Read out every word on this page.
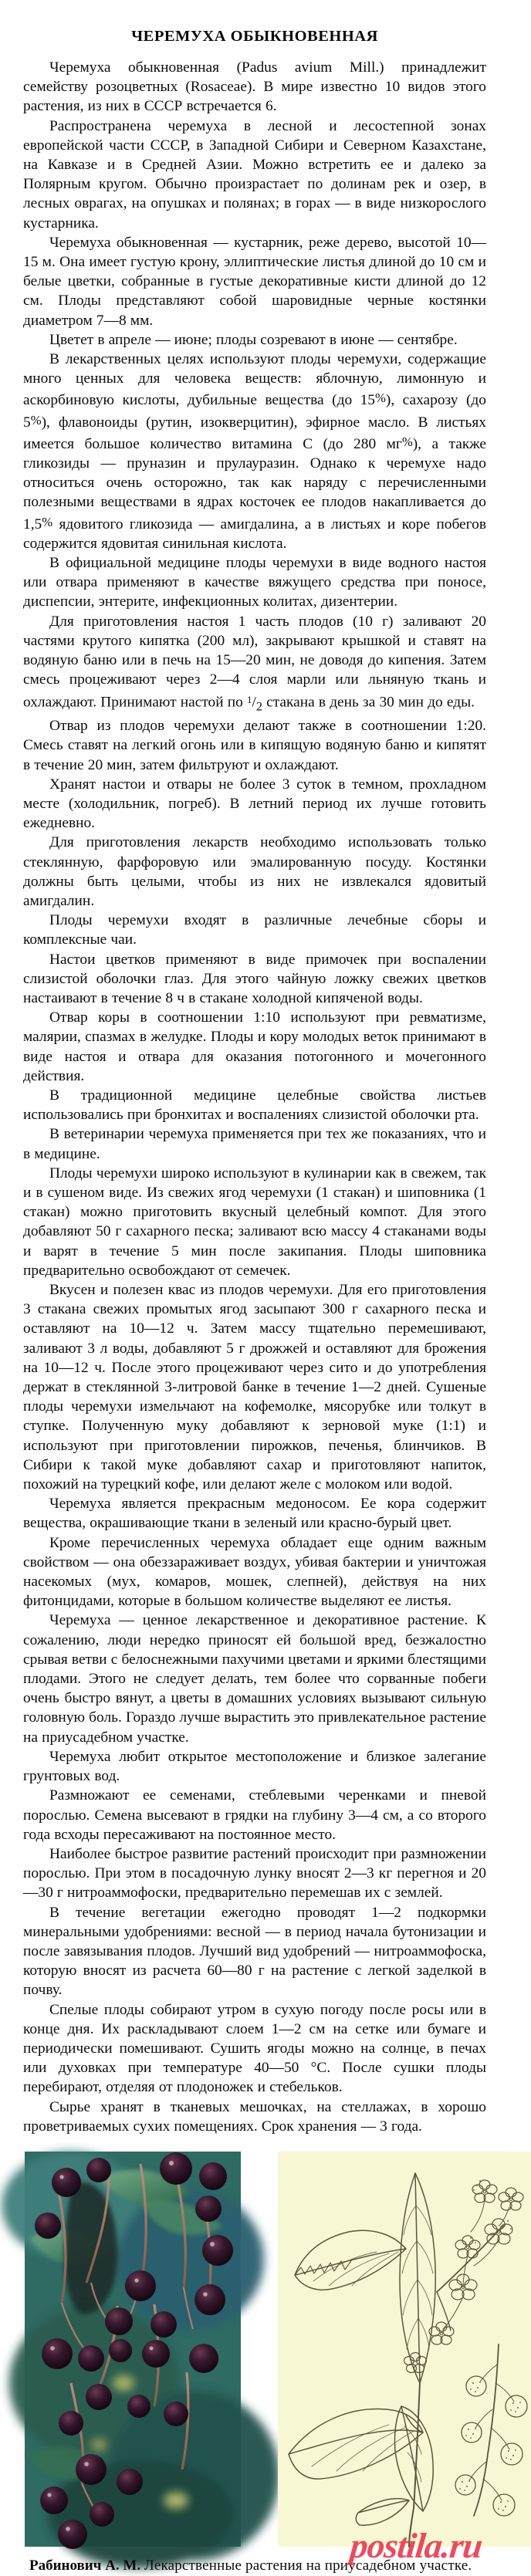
ЧЕРЕМУХА ОБЫКНОВЕННАЯ

Черемуха обыкновенная (Padus avium Mill.) принадлежит семейству розоцветных (Rosaceae). В мире известно 10 видов этого растения, из них в СССР встречается 6.

Распространена черемуха в лесной и лесостепной зонах европейской части СССР, в Западной Сибири и Северном Казахстане, на Кавказе и в Средней Азии. Можно встретить ее и далеко за Полярным кругом. Обычно произрастает по долинам рек и озер, в лесных оврагах, на опушках и полянах; в горах — в виде низкорослого кустарника.

Черемуха обыкновенная — кустарник, реже дерево, высотой 10—15 м. Она имеет густую крону, эллиптические листья длиной до 10 см и белые цветки, собранные в густые декоративные кисти длиной до 12 см. Плоды представляют собой шаровидные черные костянки диаметром 7—8 мм.

Цветет в апреле — июне; плоды созревают в июне — сентябре.

В лекарственных целях используют плоды черемухи, содержащие много ценных для человека веществ: яблочную, лимонную и аскорбиновую кислоты, дубильные вещества (до 15%), сахарозу (до 5%), флавоноиды (рутин, изокверцитин), эфирное масло. В листьях имеется большое количество витамина С (до 280 мг%), а также гликозиды — пруназин и прулауразин. Однако к черемухе надо относиться очень осторожно, так как наряду с перечисленными полезными веществами в ядрах косточек ее плодов накапливается до 1,5% ядовитого гликозида — амигдалина, а в листьях и коре побегов содержится ядовитая синильная кислота.

В официальной медицине плоды черемухи в виде водного настоя или отвара применяют в качестве вяжущего средства при поносе, диспепсии, энтерите, инфекционных колитах, дизентерии.

Для приготовления настоя 1 часть плодов (10 г) заливают 20 частями крутого кипятка (200 мл), закрывают крышкой и ставят на водяную баню или в печь на 15—20 мин, не доводя до кипения. Затем смесь процеживают через 2—4 слоя марли или льняную ткань и охлаждают. Принимают настой по $^1/_2$ стакана в день за 30 мин до еды.

Отвар из плодов черемухи делают также в соотношении 1:20. Смесь ставят на легкий огонь или в кипящую водяную баню и кипятят в течение 20 мин, затем фильтруют и охлаждают.

Хранят настои и отвары не более 3 суток в темном, прохладном месте (холодильник, погреб). В летний период их лучше готовить ежедневно.

Для приготовления лекарств необходимо использовать только стеклянную, фарфоровую или эмалированную посуду. Костянки должны быть целыми, чтобы из них не извлекался ядовитый амигдалин.

Плоды черемухи входят в различные лечебные сборы и комплексные чаи.

Настои цветков применяют в виде примочек при воспалении слизистой оболочки глаз. Для этого чайную ложку свежих цветков настаивают в течение 8 ч в стакане холодной кипяченой воды.

Отвар коры в соотношении 1:10 используют при ревматизме, малярии, спазмах в желудке. Плоды и кору молодых веток принимают в виде настоя и отвара для оказания потогонного и мочегонного действия.

В традиционной медицине целебные свойства листьев использовались при бронхитах и воспалениях слизистой оболочки рта.

В ветеринарии черемуха применяется при тех же показаниях, что и в медицине.

Плоды черемухи широко используют в кулинарии как в свежем, так и в сушеном виде. Из свежих ягод черемухи (1 стакан) и шиповника (1 стакан) можно приготовить вкусный целебный компот. Для этого добавляют 50 г сахарного песка; заливают всю массу 4 стаканами воды и варят в течение 5 мин после закипания. Плоды шиповника предварительно освобождают от семечек.

Вкусен и полезен квас из плодов черемухи. Для его приготовления 3 стакана свежих промытых ягод засыпают 300 г сахарного песка и оставляют на 10—12 ч. Затем массу тщательно перемешивают, заливают 3 л воды, добавляют 5 г дрожжей и оставляют для брожения на 10—12 ч. После этого процеживают через сито и до употребления держат в стеклянной 3-литровой банке в течение 1—2 дней. Сушеные плоды черемухи измельчают на кофемолке, мясорубке или толкут в ступке. Полученную муку добавляют к зерновой муке (1:1) и используют при приготовлении пирожков, печенья, блинчиков. В Сибири к такой муке добавляют сахар и приготовляют напиток, похожий на турецкий кофе, или делают желе с молоком или водой.

Черемуха является прекрасным медоносом. Ее кора содержит вещества, окрашивающие ткани в зеленый или красно-бурый цвет.

Кроме перечисленных черемуха обладает еще одним важным свойством — она обеззараживает воздух, убивая бактерии и уничтожая насекомых (мух, комаров, мошек, слепней), действуя на них фитонцидами, которые в большом количестве выделяют ее листья.

Черемуха — ценное лекарственное и декоративное растение. К сожалению, люди нередко приносят ей большой вред, безжалостно срывая ветви с белоснежными пахучими цветами и яркими блестящими плодами. Этого не следует делать, тем более что сорванные побеги очень быстро вянут, а цветы в домашних условиях вызывают сильную головную боль. Гораздо лучше вырастить это привлекательное растение на приусадебном участке.

Черемуха любит открытое местоположение и близкое залегание грунтовых вод.

Размножают ее семенами, стеблевыми черенками и пневой порослью. Семена высевают в грядки на глубину 3—4 см, а со второго года всходы пересаживают на постоянное место.

Наиболее быстрое развитие растений происходит при размножении порослью. При этом в посадочную лунку вносят 2—3 кг перегноя и 20—30 г нитроаммофоски, предварительно перемешав их с землей.

В течение вегетации ежегодно проводят 1—2 подкормки минеральными удобрениями: весной — в период начала бутонизации и после завязывания плодов. Лучший вид удобрений — нитроаммофоска, которую вносят из расчета 60—80 г на растение с легкой заделкой в почву.

Спелые плоды собирают утром в сухую погоду после росы или в конце дня. Их раскладывают слоем 1—2 см на сетке или бумаге и периодически помешивают. Сушить ягоды можно на солнце, в печах или духовках при температуре 40—50 °С. После сушки плоды перебирают, отделяя от плодоножек и стебельков.

Сырье хранят в тканевых мешочках, на стеллажах, в хорошо проветриваемых сухих помещениях. Срок хранения — 3 года.

Рабинович А. М. Лекарственные растения на приусадебном участке.
postila.ru
